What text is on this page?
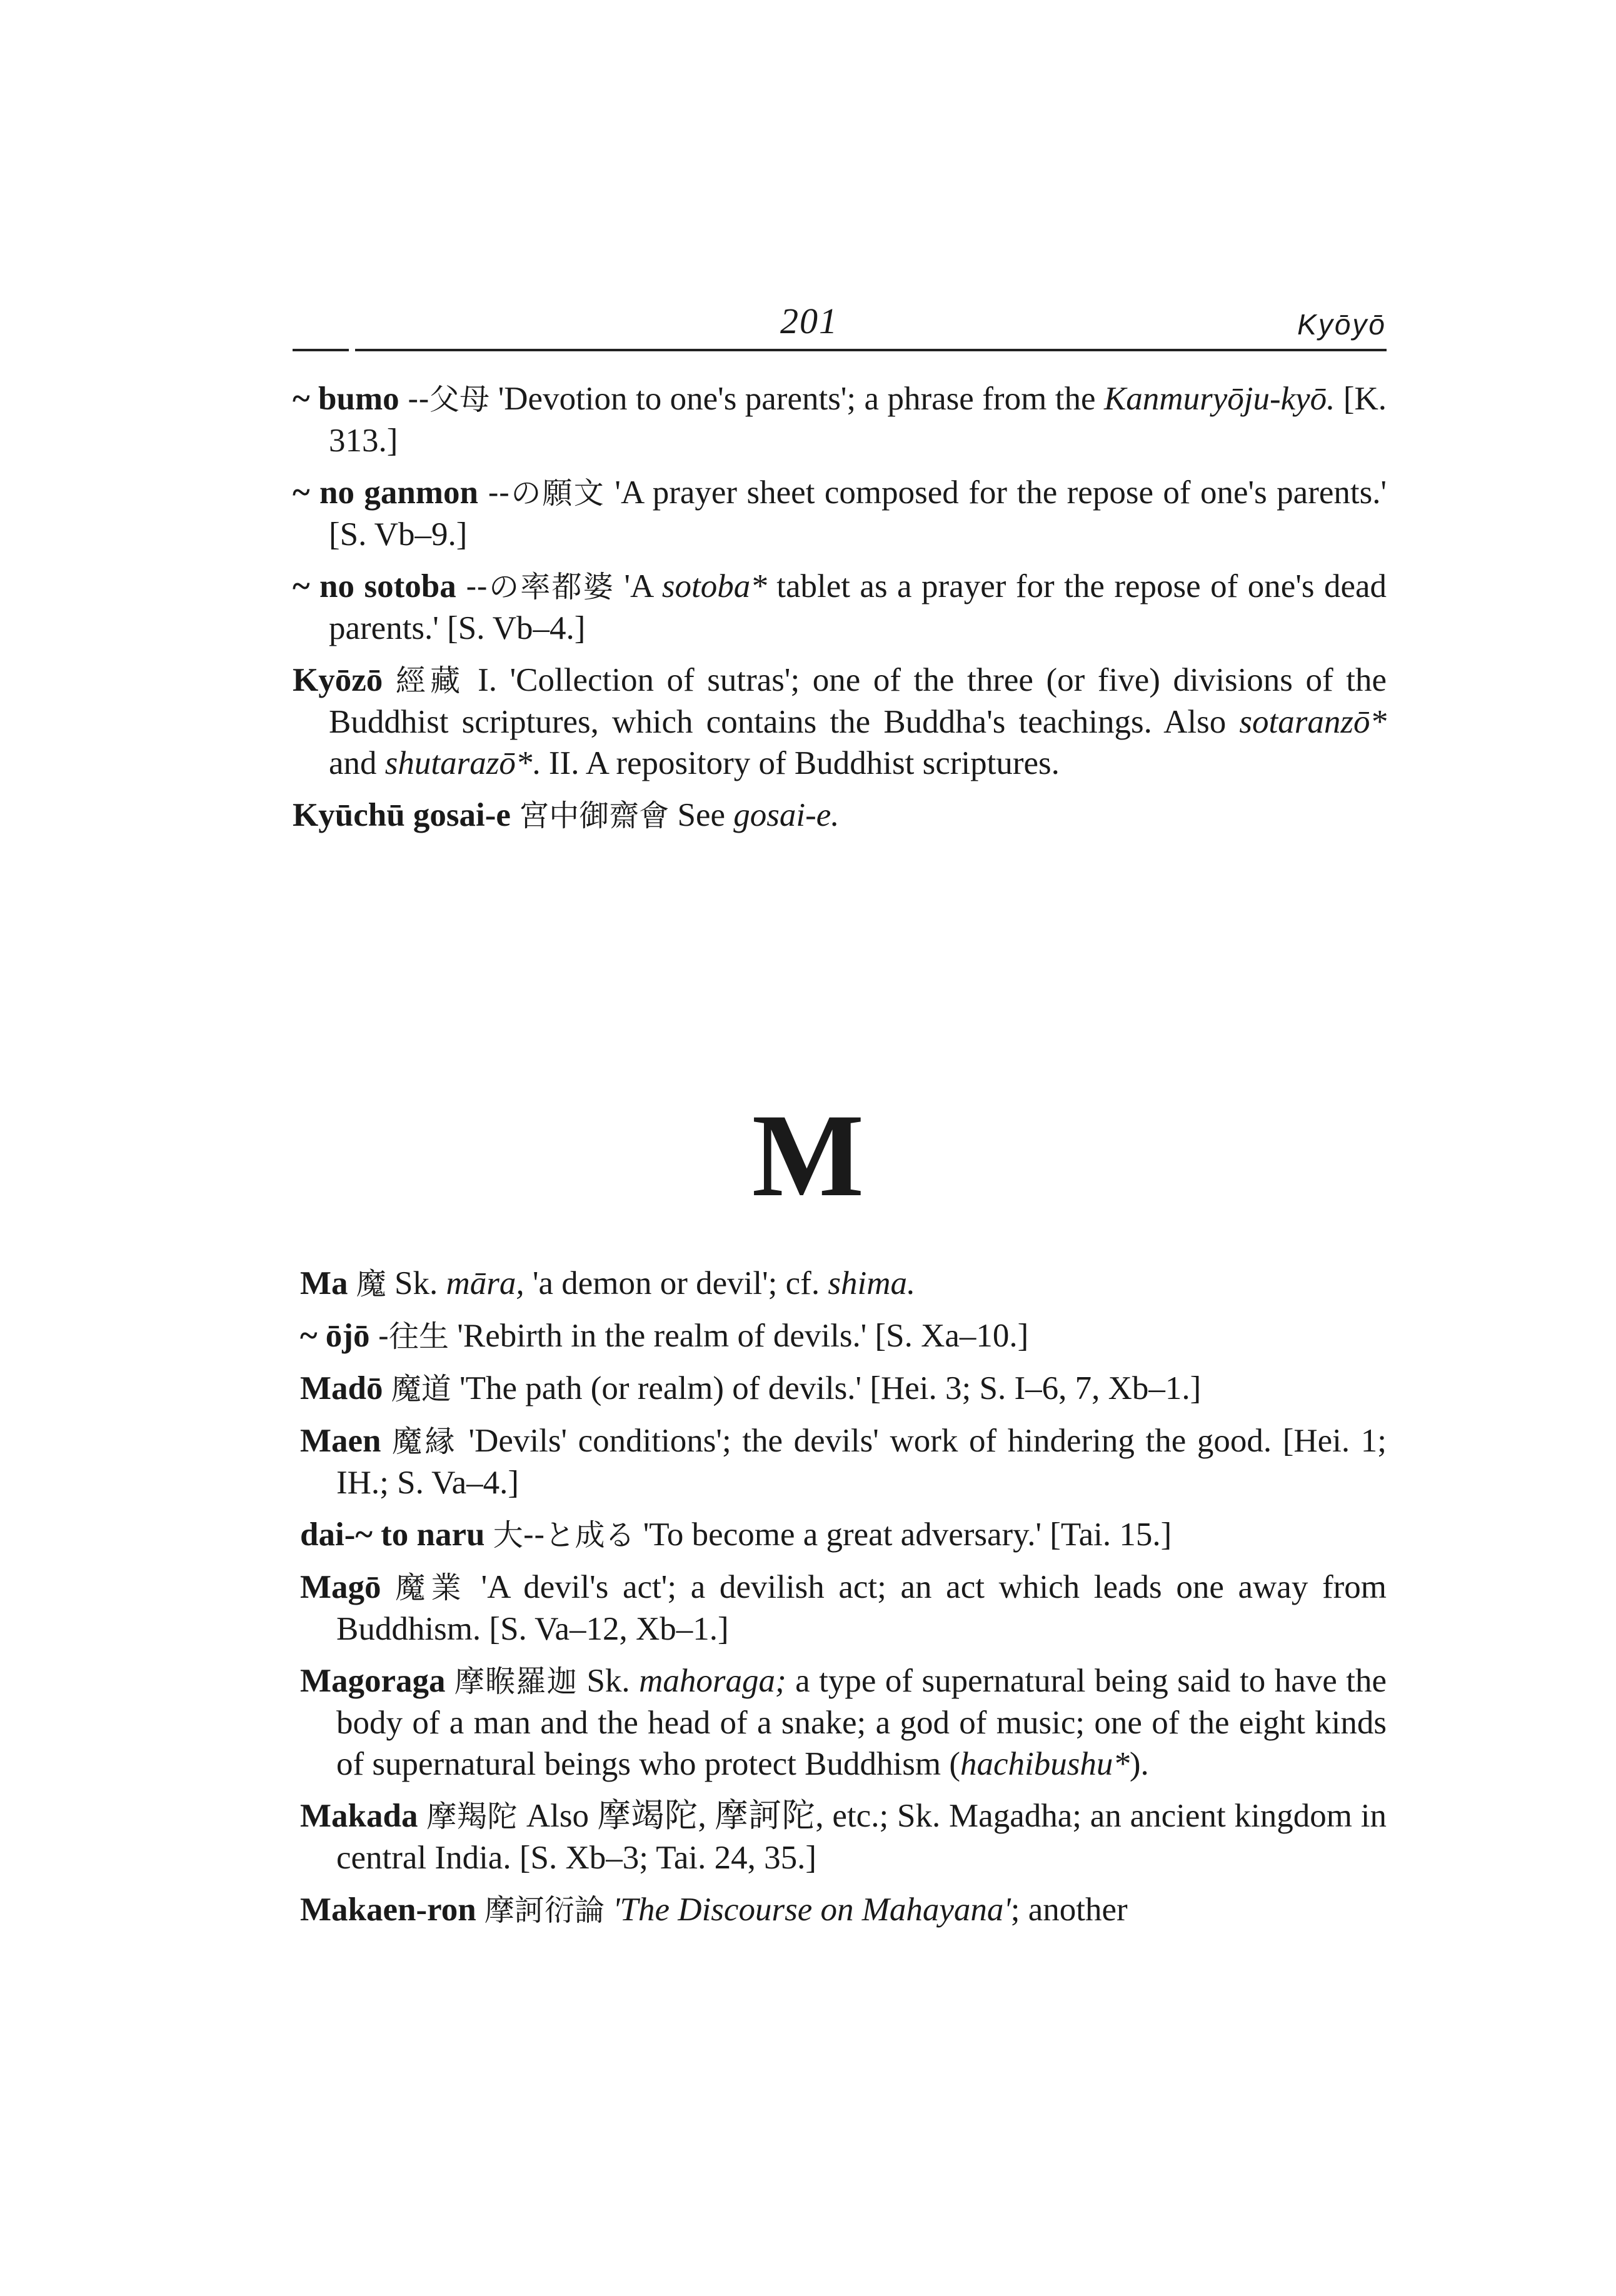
201	Kyōyō

~ bumo --父母 'Devotion to one's parents'; a phrase from the Kanmuryōju-kyō. [K. 313.]

~ no ganmon --の願文 'A prayer sheet composed for the repose of one's parents.' [S. Vb–9.]

~ no sotoba --の率都婆 'A sotoba* tablet as a prayer for the repose of one's dead parents.' [S. Vb–4.]

Kyōzō 經藏 I. 'Collection of sutras'; one of the three (or five) divisions of the Buddhist scriptures, which contains the Buddha's teachings. Also sotaranzō* and shutarazō*. II. A repository of Buddhist scriptures.

Kyūchū gosai-e 宮中御齋會 See gosai-e.

M

Ma 魔 Sk. māra, 'a demon or devil'; cf. shima.

~ ōjō -往生 'Rebirth in the realm of devils.' [S. Xa–10.]

Madō 魔道 'The path (or realm) of devils.' [Hei. 3; S. I–6, 7, Xb–1.]

Maen 魔縁 'Devils' conditions'; the devils' work of hindering the good. [Hei. 1; IH.; S. Va–4.]

dai-~ to naru 大--と成る 'To become a great adversary.' [Tai. 15.]

Magō 魔業 'A devil's act'; a devilish act; an act which leads one away from Buddhism. [S. Va–12, Xb–1.]

Magoraga 摩睺羅迦 Sk. mahoraga; a type of supernatural being said to have the body of a man and the head of a snake; a god of music; one of the eight kinds of supernatural beings who protect Buddhism (hachibushu*).

Makada 摩羯陀 Also 摩竭陀, 摩訶陀, etc.; Sk. Magadha; an ancient kingdom in central India. [S. Xb–3; Tai. 24, 35.]

Makaen-ron 摩訶衍論 'The Discourse on Mahayana'; another
